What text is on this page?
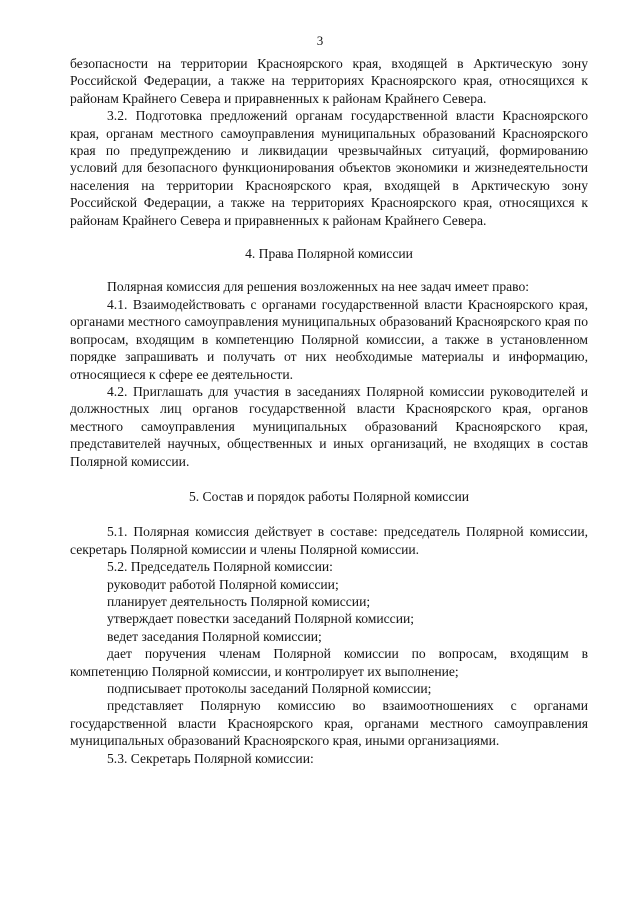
3

безопасности на территории Красноярского края, входящей в Арктическую зону Российской Федерации, а также на территориях Красноярского края, относящихся к районам Крайнего Севера и приравненных к районам Крайнего Севера.

3.2. Подготовка предложений органам государственной власти Красноярского края, органам местного самоуправления муниципальных образований Красноярского края по предупреждению и ликвидации чрезвычайных ситуаций, формированию условий для безопасного функционирования объектов экономики и жизнедеятельности населения на территории Красноярского края, входящей в Арктическую зону Российской Федерации, а также на территориях Красноярского края, относящихся к районам Крайнего Севера и приравненных к районам Крайнего Севера.

4. Права Полярной комиссии

Полярная комиссия для решения возложенных на нее задач имеет право:

4.1. Взаимодействовать с органами государственной власти Красноярского края, органами местного самоуправления муниципальных образований Красноярского края по вопросам, входящим в компетенцию Полярной комиссии, а также в установленном порядке запрашивать и получать от них необходимые материалы и информацию, относящиеся к сфере ее деятельности.

4.2. Приглашать для участия в заседаниях Полярной комиссии руководителей и должностных лиц органов государственной власти Красноярского края, органов местного самоуправления муниципальных образований Красноярского края, представителей научных, общественных и иных организаций, не входящих в состав Полярной комиссии.

5. Состав и порядок работы Полярной комиссии

5.1. Полярная комиссия действует в составе: председатель Полярной комиссии, секретарь Полярной комиссии и члены Полярной комиссии.

5.2. Председатель Полярной комиссии:

руководит работой Полярной комиссии;

планирует деятельность Полярной комиссии;

утверждает повестки заседаний Полярной комиссии;

ведет заседания Полярной комиссии;

дает поручения членам Полярной комиссии по вопросам, входящим в компетенцию Полярной комиссии, и контролирует их выполнение;

подписывает протоколы заседаний Полярной комиссии;

представляет Полярную комиссию во взаимоотношениях с органами государственной власти Красноярского края, органами местного самоуправления муниципальных образований Красноярского края, иными организациями.

5.3. Секретарь Полярной комиссии:
